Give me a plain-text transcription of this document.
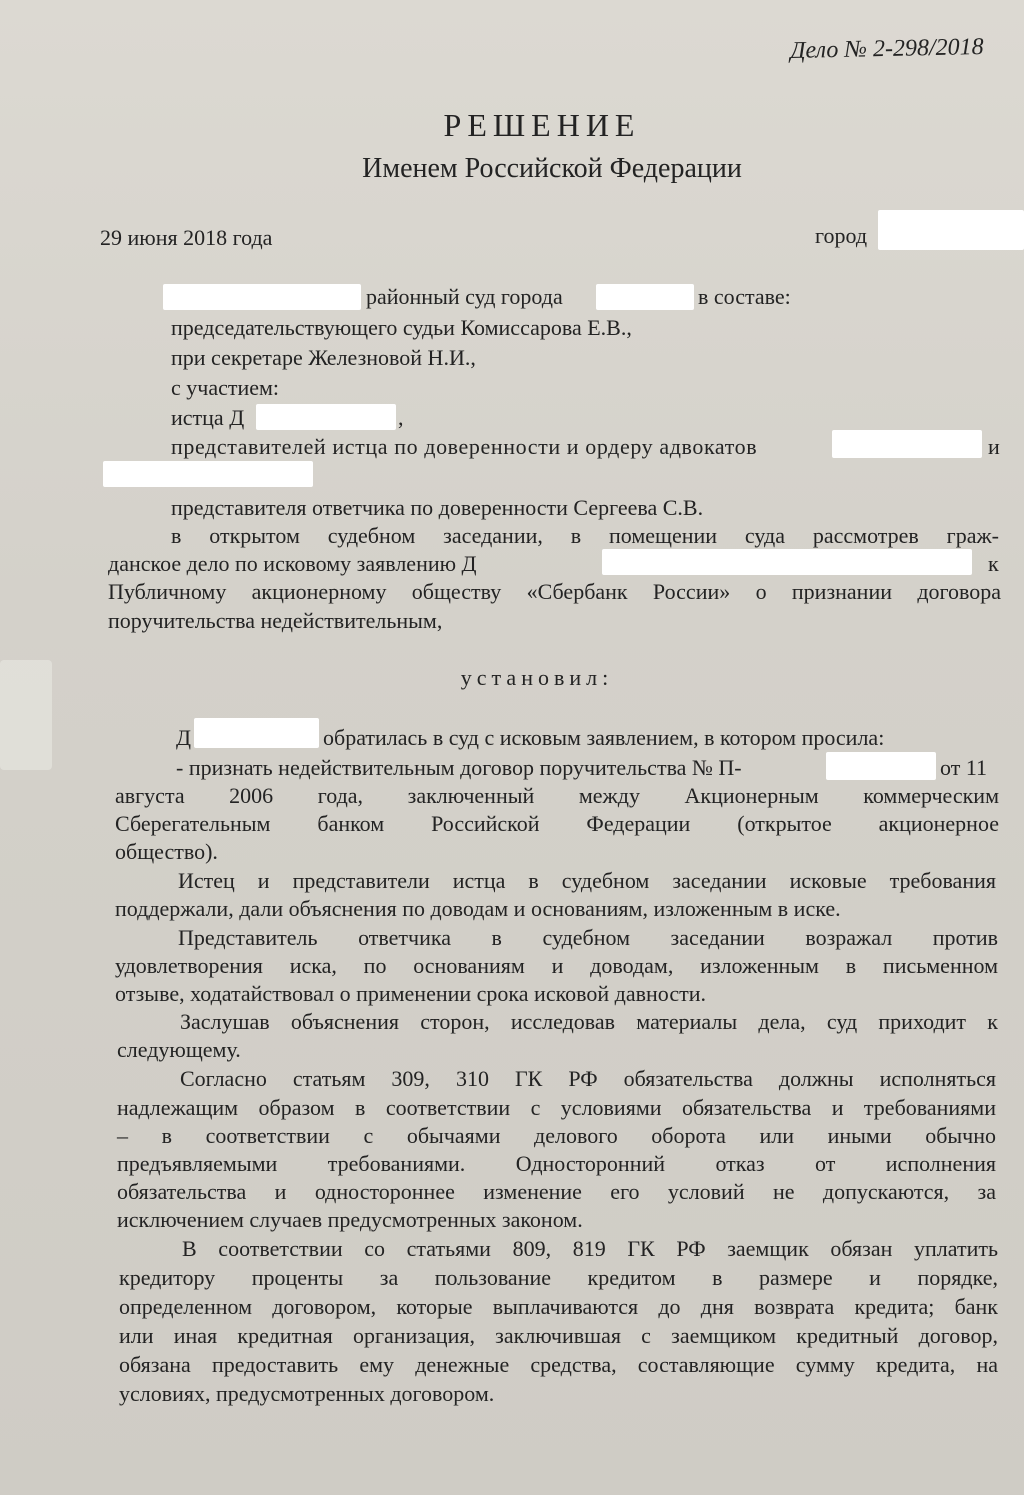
Дело № 2-298/2018
РЕШЕНИЕ
Именем Российской Федерации
29 июня 2018 года	город
районный суд города	в составе:
председательствующего судьи Комиссарова Е.В.,
при секретаре Железновой Н.И.,
с участием:
истца Д	,
представителей истца по доверенности и ордеру адвокатов	и
представителя ответчика по доверенности Сергеева С.В.
в открытом судебном заседании, в помещении суда рассмотрев граж-
данское дело по исковому заявлению Д	к
Публичному акционерному обществу «Сбербанк России» о признании договора
поручительства недействительным,
установил:
Д	обратилась в суд с исковым заявлением, в котором просила:
- признать недействительным договор поручительства № П-	от 11
августа 2006 года, заключенный между Акционерным коммерческим
Сберегательным банком Российской Федерации (открытое акционерное
общество).
Истец и представители истца в судебном заседании исковые требования
поддержали, дали объяснения по доводам и основаниям, изложенным в иске.
Представитель ответчика в судебном заседании возражал против
удовлетворения иска, по основаниям и доводам, изложенным в письменном
отзыве, ходатайствовал о применении срока исковой давности.
Заслушав объяснения сторон, исследовав материалы дела, суд приходит к
следующему.
Согласно статьям 309, 310 ГК РФ обязательства должны исполняться
надлежащим образом в соответствии с условиями обязательства и требованиями
– в соответствии с обычаями делового оборота или иными обычно
предъявляемыми требованиями. Односторонний отказ от исполнения
обязательства и одностороннее изменение его условий не допускаются, за
исключением случаев предусмотренных законом.
В соответствии со статьями 809, 819 ГК РФ заемщик обязан уплатить
кредитору проценты за пользование кредитом в размере и порядке,
определенном договором, которые выплачиваются до дня возврата кредита; банк
или иная кредитная организация, заключившая с заемщиком кредитный договор,
обязана предоставить ему денежные средства, составляющие сумму кредита, на
условиях, предусмотренных договором.
